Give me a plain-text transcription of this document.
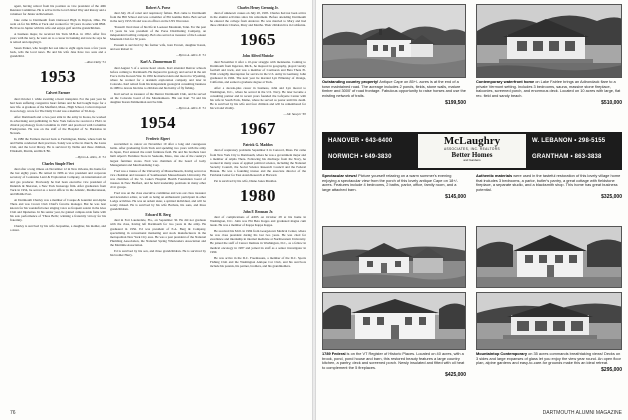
agent, having retired from his position as vice president of the 40th Reunion Committee. He is active in the local United Way and Rotary and a volunteer for Junior Achievement.

Jake came to Dartmouth from Oakwood High in Dayton, Ohio. He went on for his MBA at Tuck and worked for 30 years in sales with IBM. He lives in Jupiter with his wife and enjoys golf and the grandchildren.

A business major, he received his Tuck M.B.A. in 1952. After five years with the navy, he went on to a career in banking and now he says he is retired and enjoying it.

Susan Parker, who bought her son nine to eight apple trees a few years back, tells the local news. He and his wife Jane have two sons and a grandchild.

—Russ Dally '51

1953

Calvert Farmer

died October 1 while awaiting a heart transplant. For the past year he had been suffering congestive heart failure and he had bought hope for a new life. A graduate of the Medfield, Mass., High School, Calvert majored in sociology, wrote for The Daily D and was a member of Tri-Kap.

After Dartmouth and a two-year stint in the army in Korea, he worked in advertising and publishing in New York before he received a Ph.D. in clinical psychology from Columbia in 1967 and practiced with Columbia Presbyterian. He was on the staff of the Hospital of St. Barnabas in Newark.

In 1980 the Farmers moved back to Farmington, Maine, where both he and Nellie conducted their practices. Sandy was active in church, the Lions Club, and the local library. He is survived by Nellie and three children, Elizabeth, Martin, and Rich '86.

—Byron A. Allen, Jr. '51

Charles Simple Fleet

died after a long illness on November 12 in New Orleans, his home for the last eighty years. He retired in 1986 as vice president and corporate secretary of Louisiana Land & Exploration Company, an international oil and gas producer. Previously he had been executive vice president of Dunnick & Sheraton, a New York brokerage firm. After graduation from Tuck in 1954, he served as a naval officer in the Atlantic, Mediterranean, and Middle East.

At Dartmouth Charley was a member of Casque & Gauntlet and Alpha Theta and was Crown Club Chief's favorite manager. But he was best known for his wonderful tenor singing voice as frequent soloist in the Glee Club and Injunaires. In his senior year, he gained campus-wide fame with his solo performance of 'Three Bells,' winning a fraternity victory for his fraternity.

Charley is survived by his wife Jacqueline, a daughter, his mother, and a sister.

Robert A. Porse

died July 26 of renal and respiratory failure. Bob came to Dartmouth from the Hill School and was a member of Phi Gamma Delta. Bob served in the navy 1953-56 and was an officer on the USS Worcester.

'Possum' lived most of his life in Lookout Mountain, Tenn. For the past 15 years he was president of the Porse Distributing Company, an independent bottling company. Bob also served as treasurer of the Lookout Mountain Club for 30 years.

Possum is survived by his former wife, Jean Everett, daughter Karen, and son Robert Jr.

—Byron A. Allen Jr. '51

Karl A. Zimmerman II

died August 5 of a severe heart attack. Karl attended Denver schools before coming to Dartmouth. He majored in geology and served in the Air Force in the Korean War. In 1956 he married Ann and moved to Wyoming, where he worked for a uranium exploration company and later in Colorado. Karl retired from his independent geological consulting business in 1989 to devote his time to children and his hobby of fly fishing.

Karl served as treasurer of the Denver Dartmouth Club, and he served on the Colorado board of the Mountaineers. His son Kurt '74 and his daughter Karen Zimmerman survive him.

—Byron A. Allen Jr. '51

1954

Frederic Alpert

succumbed to cancer on November 19 after a long and courageous battle. After graduating from Tuck and spending two years with the army in Japan, Fred entered the retail furniture field. He and his brothers later built Alpert's Furniture Store in Seekonk, Mass., into one of the country's largest furniture stores. Fred was chairman of the board of Gaby Management and Merchandising Corp.

Fred was a trustee of the University of Massachusetts, having served as vice chairman and treasurer of Southeastern Massachusetts University. He was chairman of the St. Luke's Hospital Health Foundation board of trustees in New Bedford, and he held leadership positions in many other civic groups.

Fred was on the class executive committee and was our class treasurer and newsletter editor, as well as being an enthusiastic participant in other Lodge activities. He was an ardent skier, a spirited individual, and will be sorely missed. He is survived by his wife Barbara, his sons, and three grandchildren.

Edward H. Berg

died in Fort Lauderdale, Fla., on September 30. He did not graduate with the class, having left Dartmouth for two years in the army. He graduated in 1956. Ed was president of E.A. Berg & Company, specializing in recreational marketing and stock manufacturers in the metropolitan New York City area. He was a past president of the National Plumbing Association, the National Spring Wholesalers Association and the Maritime Association.

Ed is survived by his son, and three grandchildren. He is survived by his brother Harry.

Charles Henry Grennig Jr.

died of unknown causes on July 20, 1995. Charles had not been active in the alumni activities since his retirement. Before attending Dartmouth he entered the college from Andover. He was married to Mary and had three children: Charles, Mary and Martha. Their children live in California.

1965

John Alfred Mutoke

died November 6 after a 10-year struggle with melanoma. Coming to Dartmouth from Ingerton, Mich., he majored in geography, played varsity football and track, and was a member of Cormoran and Beta Theta Pi. With a lengthy interruption for service in the U.S. Army in Germany, John graduated in 1966. The next year he married Lyn Pilnutsky of Orange, California, and earned a graduate degree at Tuck.

After a decade-plus career in business, John and Lyn moved to Washington, D.C., where he served in the U.S. Navy. He later became a consulting partner and in recent years founded the Lafayette Center with his wife in South Paris, Maine, where he served as pastor until his death. He is survived by his wife and four children and will be remembered for his wit and vitality.

—J.R. Sawyer '65

1967

Patrick G. Maddox

died of respiratory problems September 6 in Concord, Mass. Pat came from New York City to Dartmouth, where he was a government major and a member of Alpha Theta. Following his discharge from the Navy, he worked in many areas of applied political science, including the National Security Council, the Social Science Research Council and the Federal Bureau. He was a founding trustee and the associate director of the Fairbank Center for East Asian Research at Harvard.

Pat is survived by his wife, Diane Jones Maddox.

1980

John F. Brosnan Jr.

died of complications of AIDS on October 28 at his home in Washington, D.C. John was Phi Beta Kappa and graduated magna cum laude. He was a member of Kappa Kappa Kappa.

He received his M.D. in 1984 from Georgetown Medical Center, where he was class president during his last two years. He was cited for excellence and internship in internal medicine at Northwestern University. He joined the staff of Cancer Institute in Washington, D.C., as a fellow in medical oncology in 1987 and joined its staff as a senior investigator in 1990.

He was active in the D.C. Freemasons, a member of the D.C. Sports Fishing Club and the Washington Antique Car Club, and his survivors include his parents, his partner, brothers, and his grandmothers.

76
Outstanding country property! Antique Cape on 85+/- acres is at the end of a town maintained road. The acreage includes 2 ponds, fields, stone walls, mature timber and 3000' of road frontage. Fabulous opportunity to raise horses and use the existing network of trails.
$199,500
Contemporary waterfront home on Lake Fairlee brings an Adirondack flare to a private Vermont setting. Includes 3 bedrooms, sauna, massive stone fireplace, balconies, screened porch, and enormous deck. Located on 10 acres with large, flat rec. field and sandy beach.
$510,000
HANOVER • 643-6400
NORWICH • 649-3830
McLaughry
ASSOCIATES, INC. REALTORS
Better Homes
and Gardens
W. LEBANON • 298-5155
GRANTHAM • 863-3838
Spectacular views! Picture yourself relaxing on a warm summer's evening enjoying a spectacular view from the porch of this lovely antique Cape on 18+/- acres. Features include 4 bedrooms, 2 baths, parlor, office, family room, and a large attached barn.
$145,000
Authentic materials were used in the tasteful restoration of this lovely village home that includes 3 bedrooms, a parlor, butler's pantry, a great cottage with fieldstone fireplace, a separate studio, and a blacksmith shop. This home has great business potential.
$325,000
1789 Federal is on the VT Register of Historic Places. Located on 40 acres, with a brook, pond, pond house and barn, this restored beauty features a large country kitchen, a pantry, deck and screened porch. Newly insulated and fitted with oil heat to complement the 5 fireplaces.
$425,000
Mountaintop Contemporary on 35 acres commands breathtaking views! Decks on 3 sides and large expanses of glass let you enjoy the view year round. An open floor plan, alpine gardens and easy-to-care-for grounds make this an ideal retreat.
$295,000
DARTMOUTH ALUMNI MAGAZINE
